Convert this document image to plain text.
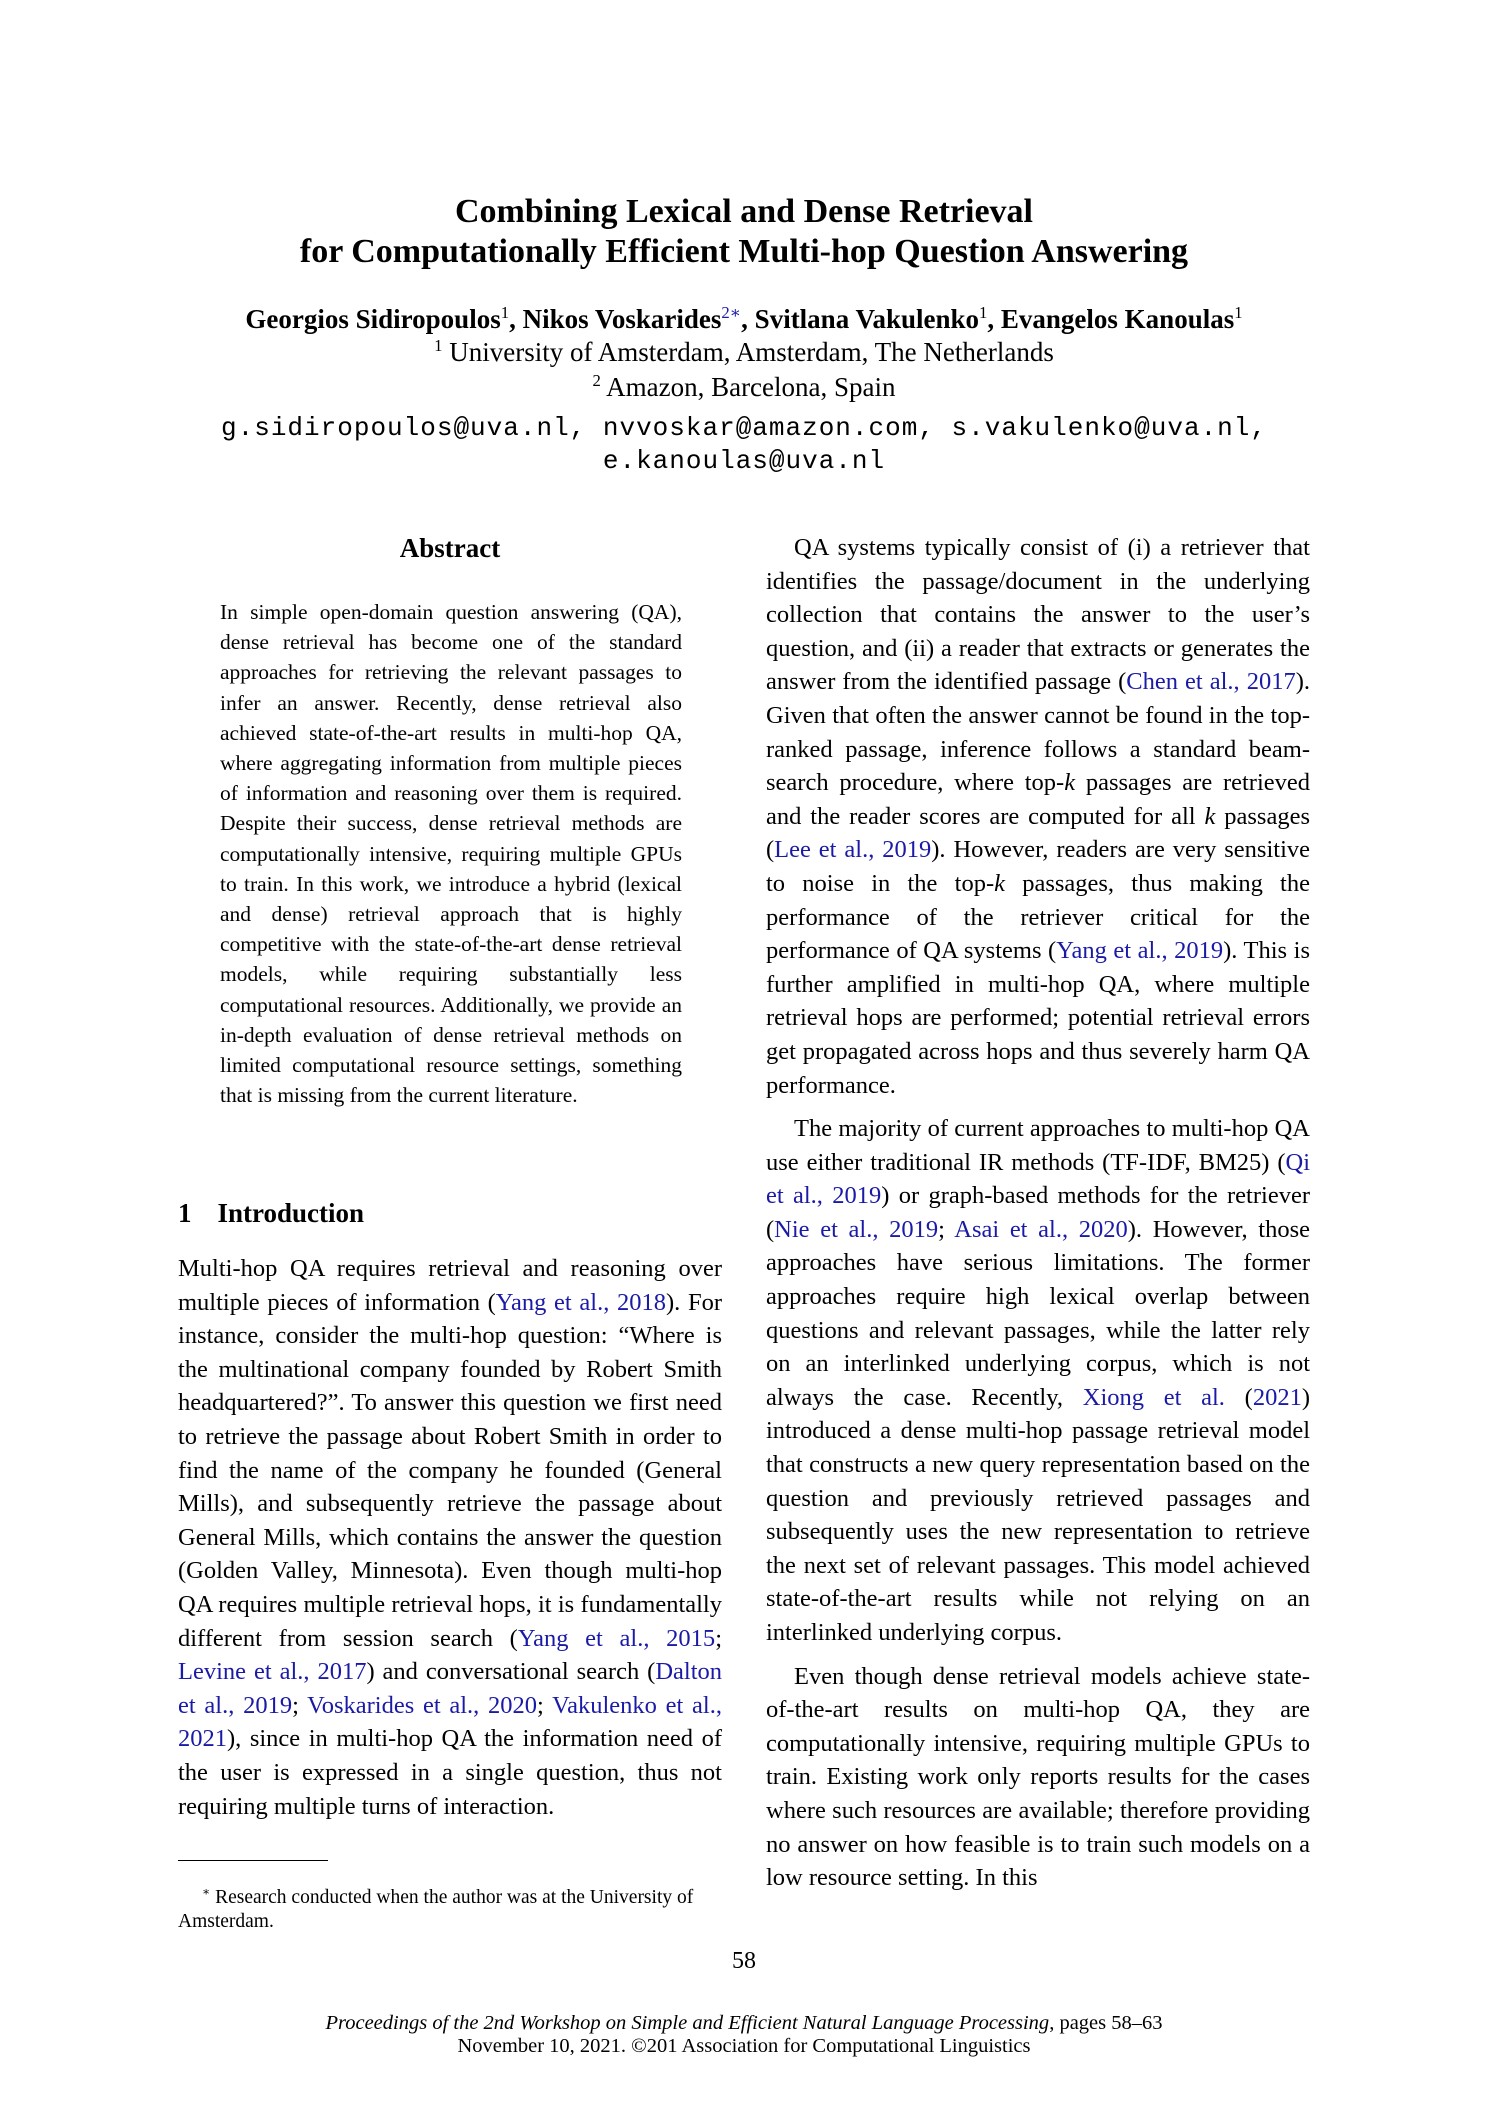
Combining Lexical and Dense Retrieval
for Computationally Efficient Multi-hop Question Answering
Georgios Sidiropoulos$^1$, Nikos Voskarides$^{2∗}$, Svitlana Vakulenko$^1$, Evangelos Kanoulas$^1$
$^1$ University of Amsterdam, Amsterdam, The Netherlands
$^2$ Amazon, Barcelona, Spain
g.sidiropoulos@uva.nl, nvvoskar@amazon.com, s.vakulenko@uva.nl,
e.kanoulas@uva.nl
Abstract
In simple open-domain question answering (QA), dense retrieval has become one of the standard approaches for retrieving the relevant passages to infer an answer. Recently, dense retrieval also achieved state-of-the-art results in multi-hop QA, where aggregating information from multiple pieces of information and reasoning over them is required. Despite their success, dense retrieval methods are computationally intensive, requiring multiple GPUs to train. In this work, we introduce a hybrid (lexical and dense) retrieval approach that is highly competitive with the state-of-the-art dense retrieval models, while requiring substantially less computational resources. Additionally, we provide an in-depth evaluation of dense retrieval methods on limited computational resource settings, something that is missing from the current literature.
1 Introduction

Multi-hop QA requires retrieval and reasoning over multiple pieces of information (Yang et al., 2018). For instance, consider the multi-hop question: “Where is the multinational company founded by Robert Smith headquartered?”. To answer this question we first need to retrieve the passage about Robert Smith in order to find the name of the company he founded (General Mills), and subsequently retrieve the passage about General Mills, which contains the answer the question (Golden Valley, Minnesota). Even though multi-hop QA requires multiple retrieval hops, it is fundamentally different from session search (Yang et al., 2015; Levine et al., 2017) and conversational search (Dalton et al., 2019; Voskarides et al., 2020; Vakulenko et al., 2021), since in multi-hop QA the information need of the user is expressed in a single question, thus not requiring multiple turns of interaction.

∗ Research conducted when the author was at the University of Amsterdam.

QA systems typically consist of (i) a retriever that identifies the passage/document in the underlying collection that contains the answer to the user’s question, and (ii) a reader that extracts or generates the answer from the identified passage (Chen et al., 2017). Given that often the answer cannot be found in the top-ranked passage, inference follows a standard beam-search procedure, where top-k passages are retrieved and the reader scores are computed for all k passages (Lee et al., 2019). However, readers are very sensitive to noise in the top-k passages, thus making the performance of the retriever critical for the performance of QA systems (Yang et al., 2019). This is further amplified in multi-hop QA, where multiple retrieval hops are performed; potential retrieval errors get propagated across hops and thus severely harm QA performance.

The majority of current approaches to multi-hop QA use either traditional IR methods (TF-IDF, BM25) (Qi et al., 2019) or graph-based methods for the retriever (Nie et al., 2019; Asai et al., 2020). However, those approaches have serious limitations. The former approaches require high lexical overlap between questions and relevant passages, while the latter rely on an interlinked underlying corpus, which is not always the case. Recently, Xiong et al. (2021) introduced a dense multi-hop passage retrieval model that constructs a new query representation based on the question and previously retrieved passages and subsequently uses the new representation to retrieve the next set of relevant passages. This model achieved state-of-the-art results while not relying on an interlinked underlying corpus.

Even though dense retrieval models achieve state-of-the-art results on multi-hop QA, they are computationally intensive, requiring multiple GPUs to train. Existing work only reports results for the cases where such resources are available; therefore providing no answer on how feasible is to train such models on a low resource setting. In this

58
Proceedings of the 2nd Workshop on Simple and Efficient Natural Language Processing, pages 58–63
November 10, 2021. ©201 Association for Computational Linguistics
